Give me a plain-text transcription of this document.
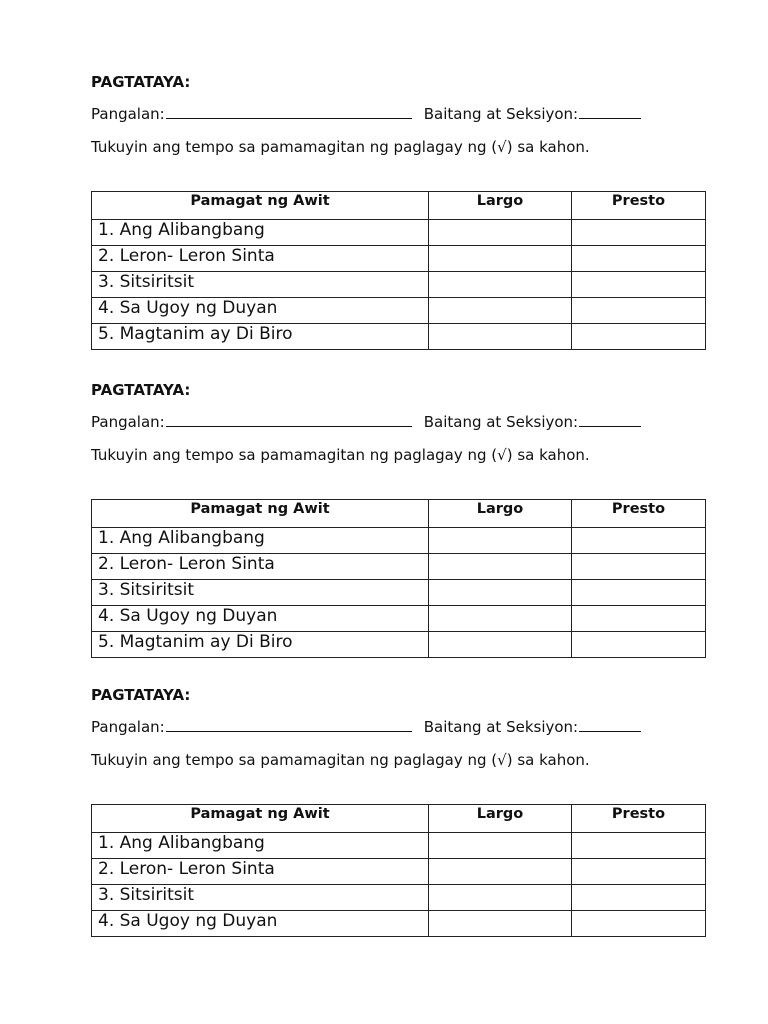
PAGTATAYA:
Pangalan:	Baitang at Seksiyon:

Tukuyin ang tempo sa pamamagitan ng paglagay ng (√) sa kahon.

Pamagat ng Awit	Largo	Presto
1. Ang Alibangbang		
2. Leron- Leron Sinta		
3. Sitsiritsit		
4. Sa Ugoy ng Duyan		
5. Magtanim ay Di Biro		
PAGTATAYA:
Pangalan:	Baitang at Seksiyon:

Tukuyin ang tempo sa pamamagitan ng paglagay ng (√) sa kahon.

Pamagat ng Awit	Largo	Presto
1. Ang Alibangbang		
2. Leron- Leron Sinta		
3. Sitsiritsit		
4. Sa Ugoy ng Duyan		
5. Magtanim ay Di Biro		
PAGTATAYA:
Pangalan:	Baitang at Seksiyon:

Tukuyin ang tempo sa pamamagitan ng paglagay ng (√) sa kahon.

Pamagat ng Awit	Largo	Presto
1. Ang Alibangbang		
2. Leron- Leron Sinta		
3. Sitsiritsit		
4. Sa Ugoy ng Duyan		
